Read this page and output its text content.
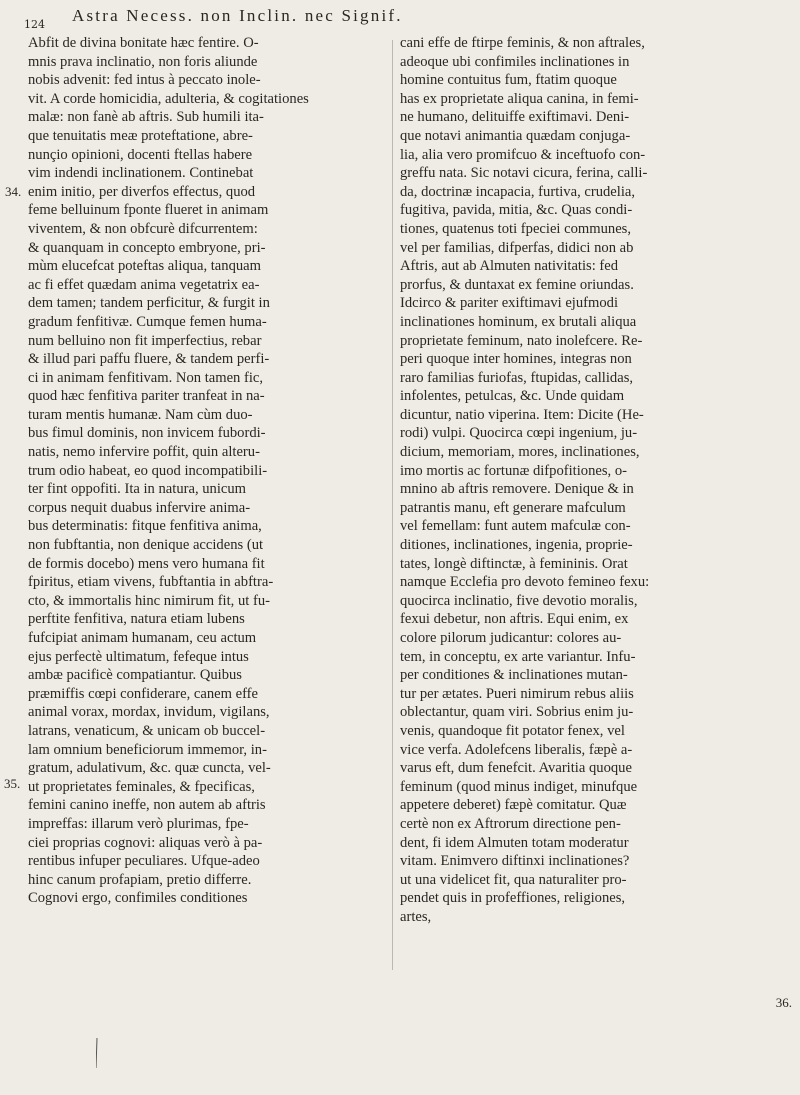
124 Astra Necess. non Inclin. nec Signif.
34.
35.
36.

Abfit de divina bonitate hæc fentire. O-

mnis prava inclinatio, non foris aliunde

nobis advenit: fed intus à peccato inole-

vit. A corde homicidia, adulteria, & cogitationes

malæ: non fanè ab aftris. Sub humili ita-

que tenuitatis meæ proteftatione, abre-

nunçio opinioni, docenti ftellas habere

vim indendi inclinationem. Continebat

enim initio, per diverfos effectus, quod

feme belluinum fponte flueret in animam

viventem, & non obfcurè difcurrentem:

& quanquam in concepto embryone, pri-

mùm elucefcat poteftas aliqua, tanquam

ac fi effet quædam anima vegetatrix ea-

dem tamen; tandem perficitur, & furgit in

gradum fenfitivæ. Cumque femen huma-

num belluino non fit imperfectius, rebar

& illud pari paffu fluere, & tandem perfi-

ci in animam fenfitivam. Non tamen fic,

quod hæc fenfitiva pariter tranfeat in na-

turam mentis humanæ. Nam cùm duo-

bus fimul dominis, non invicem fubordi-

natis, nemo infervire poffit, quin alteru-

trum odio habeat, eo quod incompatibili-

ter fint oppofiti. Ita in natura, unicum

corpus nequit duabus infervire anima-

bus determinatis: fitque fenfitiva anima,

non fubftantia, non denique accidens (ut

de formis docebo) mens vero humana fit

fpiritus, etiam vivens, fubftantia in abftra-

cto, & immortalis hinc nimirum fit, ut fu-

perftite fenfitiva, natura etiam lubens

fufcipiat animam humanam, ceu actum

ejus perfectè ultimatum, fefeque intus

ambæ pacificè compatiantur. Quibus

præmiffis cœpi confiderare, canem effe

animal vorax, mordax, invidum, vigilans,

latrans, venaticum, & unicam ob buccel-

lam omnium beneficiorum immemor, in-

gratum, adulativum, &c. quæ cuncta, vel-

ut proprietates feminales, & fpecificas,

femini canino ineffe, non autem ab aftris

impreffas: illarum verò plurimas, fpe-

ciei proprias cognovi: aliquas verò à pa-

rentibus infuper peculiares. Ufque-adeo

hinc canum profapiam, pretio differre.

Cognovi ergo, confimiles conditiones

cani effe de ftirpe feminis, & non aftrales,

adeoque ubi confimiles inclinationes in

homine contuitus fum, ftatim quoque

has ex proprietate aliqua canina, in femi-

ne humano, delituiffe exiftimavi. Deni-

que notavi animantia quædam conjuga-

lia, alia vero promifcuo & inceftuofo con-

greffu nata. Sic notavi cicura, ferina, calli-

da, doctrinæ incapacia, furtiva, crudelia,

fugitiva, pavida, mitia, &c. Quas condi-

tiones, quatenus toti fpeciei communes,

vel per familias, difperfas, didici non ab

Aftris, aut ab Almuten nativitatis: fed

prorfus, & duntaxat ex femine oriundas.

Idcirco & pariter exiftimavi ejufmodi

inclinationes hominum, ex brutali aliqua

proprietate feminum, nato inolefcere. Re-

peri quoque inter homines, integras non

raro familias furiofas, ftupidas, callidas,

infolentes, petulcas, &c. Unde quidam

dicuntur, natio viperina. Item: Dicite (He-

rodi) vulpi. Quocirca cœpi ingenium, ju-

dicium, memoriam, mores, inclinationes,

imo mortis ac fortunæ difpofitiones, o-

mnino ab aftris removere. Denique & in

patrantis manu, eft generare mafculum

vel femellam: funt autem mafculæ con-

ditiones, inclinationes, ingenia, proprie-

tates, longè diftinctæ, à femininis. Orat

namque Ecclefia pro devoto femineo fexu:

quocirca inclinatio, five devotio moralis,

fexui debetur, non aftris. Equi enim, ex

colore pilorum judicantur: colores au-

tem, in conceptu, ex arte variantur. Infu-

per conditiones & inclinationes mutan-

tur per ætates. Pueri nimirum rebus aliis

oblectantur, quam viri. Sobrius enim ju-

venis, quandoque fit potator fenex, vel

vice verfa. Adolefcens liberalis, fæpè a-

varus eft, dum fenefcit. Avaritia quoque

feminum (quod minus indiget, minufque

appetere deberet) fæpè comitatur. Quæ

certè non ex Aftrorum directione pen-

dent, fi idem Almuten totam moderatur

vitam. Enimvero diftinxi inclinationes?

ut una videlicet fit, qua naturaliter pro-

pendet quis in profeffiones, religiones,

artes,
